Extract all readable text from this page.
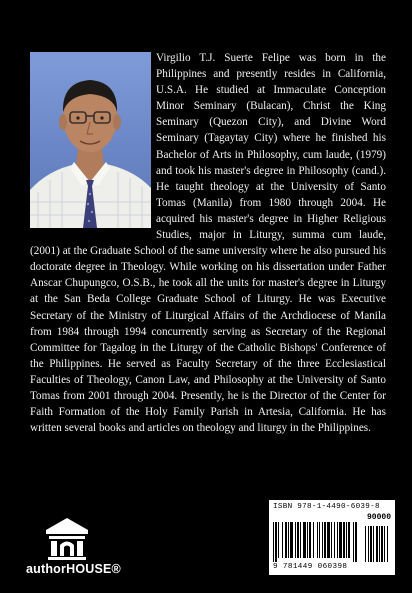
Virgilio T.J. Suerte Felipe was born in the Philippines and presently resides in California, U.S.A. He studied at Immaculate Conception Minor Seminary (Bulacan), Christ the King Seminary (Quezon City), and Divine Word Seminary (Tagaytay City) where he finished his Bachelor of Arts in Philosophy, cum laude, (1979) and took his master's degree in Philosophy (cand.). He taught theology at the University of Santo Tomas (Manila) from 1980 through 2004. He acquired his master's degree in Higher Religious Studies, major in Liturgy, summa cum laude, (2001) at the Graduate School of the same university where he also pursued his doctorate degree in Theology. While working on his dissertation under Father Anscar Chupungco, O.S.B., he took all the units for master's degree in Liturgy at the San Beda College Graduate School of Liturgy. He was Executive Secretary of the Ministry of Liturgical Affairs of the Archdiocese of Manila from 1984 through 1994 concurrently serving as Secretary of the Regional Committee for Tagalog in the Liturgy of the Catholic Bishops' Conference of the Philippines. He served as Faculty Secretary of the three Ecclesiastical Faculties of Theology, Canon Law, and Philosophy at the University of Santo Tomas from 2001 through 2004. Presently, he is the Director of the Center for Faith Formation of the Holy Family Parish in Artesia, California. He has written several books and articles on theology and liturgy in the Philippines.

authorHOUSE®
ISBN 978-1-4490-6039-8
90000
9 781449 060398
